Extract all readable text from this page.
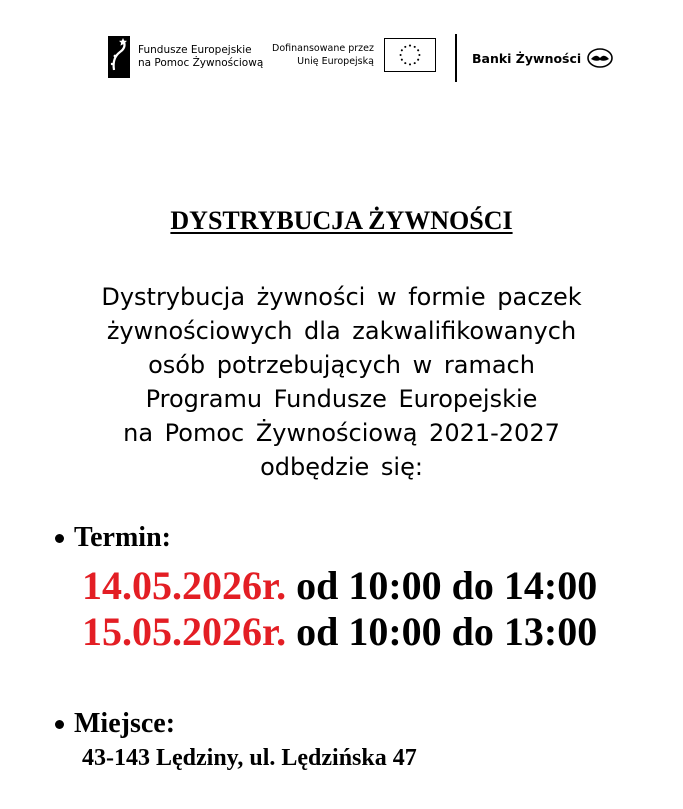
Fundusze Europejskie
na Pomoc Żywnościową
Dofinansowane przez
Unię Europejską	Banki Żywności
DYSTRYBUCJA ŻYWNOŚCI
Dystrybucja żywności w formie paczek
żywnościowych dla zakwalifikowanych
osób potrzebujących w ramach
Programu Fundusze Europejskie
na Pomoc Żywnościową 2021-2027
odbędzie się:
Termin:
14.05.2026r. od 10:00 do 14:00
15.05.2026r. od 10:00 do 13:00
Miejsce:
43-143 Lędziny, ul. Lędzińska 47
